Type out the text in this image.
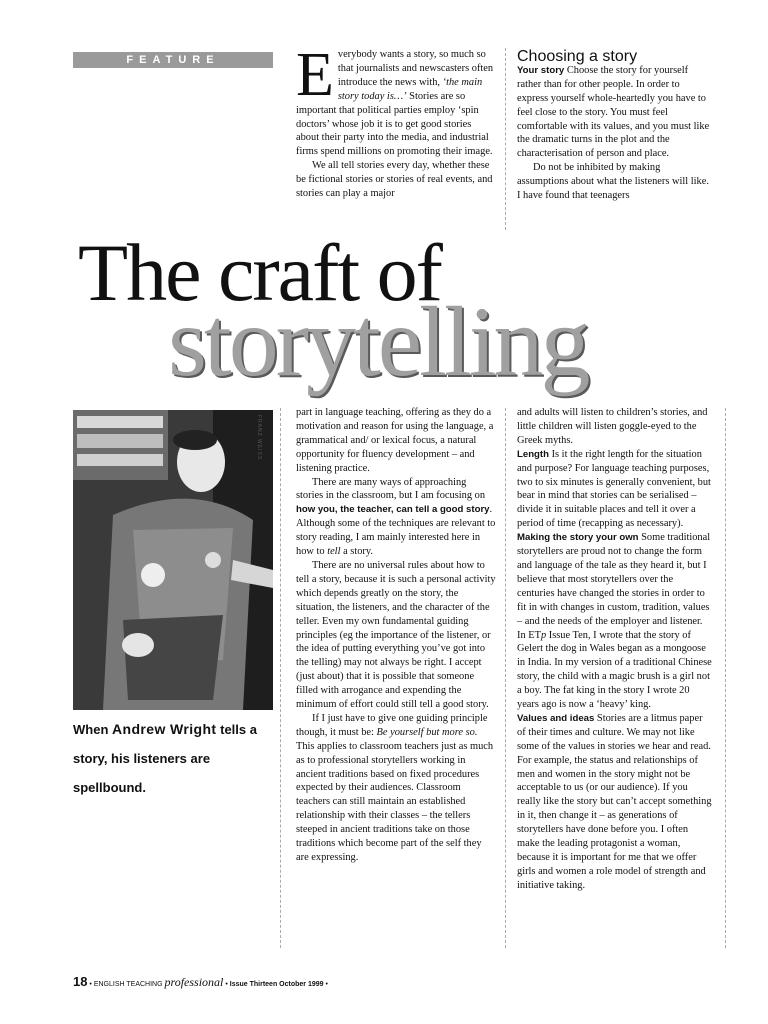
FEATURE	Everybody wants a story, so much so that journalists and newscasters often introduce the news with, ‘the main story today is…’ Stories are so important that political parties employ ‘spin doctors’ whose job it is to get good stories about their party into the media, and industrial firms spend millions on promoting their image.

We all tell stories every day, whether these be fictional stories or stories of real events, and stories can play a major

Choosing a story

Your story Choose the story for yourself rather than for other people. In order to express yourself whole-heartedly you have to feel close to the story. You must feel comfortable with its values, and you must like the dramatic turns in the plot and the characterisation of person and place.

Do not be inhibited by making assumptions about what the listeners will like. I have found that teenagers

The craft of
storytelling
FRANZ WEISS
When Andrew Wright tells a story, his listeners are spellbound.

part in language teaching, offering as they do a motivation and reason for using the language, a grammatical and/ or lexical focus, a natural opportunity for fluency development – and listening practice.

There are many ways of approaching stories in the classroom, but I am focusing on how you, the teacher, can tell a good story. Although some of the techniques are relevant to story reading, I am mainly interested here in how to tell a story.

There are no universal rules about how to tell a story, because it is such a personal activity which depends greatly on the story, the situation, the listeners, and the character of the teller. Even my own fundamental guiding principles (eg the importance of the listener, or the idea of putting everything you’ve got into the telling) may not always be right. I accept (just about) that it is possible that someone filled with arrogance and expending the minimum of effort could still tell a good story.

If I just have to give one guiding principle though, it must be: Be yourself but more so. This applies to classroom teachers just as much as to professional storytellers working in ancient traditions based on fixed procedures expected by their audiences. Classroom teachers can still maintain an established relationship with their classes – the tellers steeped in ancient traditions take on those traditions which become part of the self they are expressing.

and adults will listen to children’s stories, and little children will listen goggle-eyed to the Greek myths.

Length Is it the right length for the situation and purpose? For language teaching purposes, two to six minutes is generally convenient, but bear in mind that stories can be serialised – divide it in suitable places and tell it over a period of time (recapping as necessary).

Making the story your own Some traditional storytellers are proud not to change the form and language of the tale as they heard it, but I believe that most storytellers over the centuries have changed the stories in order to fit in with changes in custom, tradition, values – and the needs of the employer and listener. In ETp Issue Ten, I wrote that the story of Gelert the dog in Wales began as a mongoose in India. In my version of a traditional Chinese story, the child with a magic brush is a girl not a boy. The fat king in the story I wrote 20 years ago is now a ‘heavy’ king.

Values and ideas Stories are a litmus paper of their times and culture. We may not like some of the values in stories we hear and read. For example, the status and relationships of men and women in the story might not be acceptable to us (or our audience). If you really like the story but can’t accept something in it, then change it – as generations of storytellers have done before you. I often make the leading protagonist a woman, because it is important for me that we offer girls and women a role model of strength and initiative taking.

18 • ENGLISH TEACHING professional • Issue Thirteen October 1999 •
